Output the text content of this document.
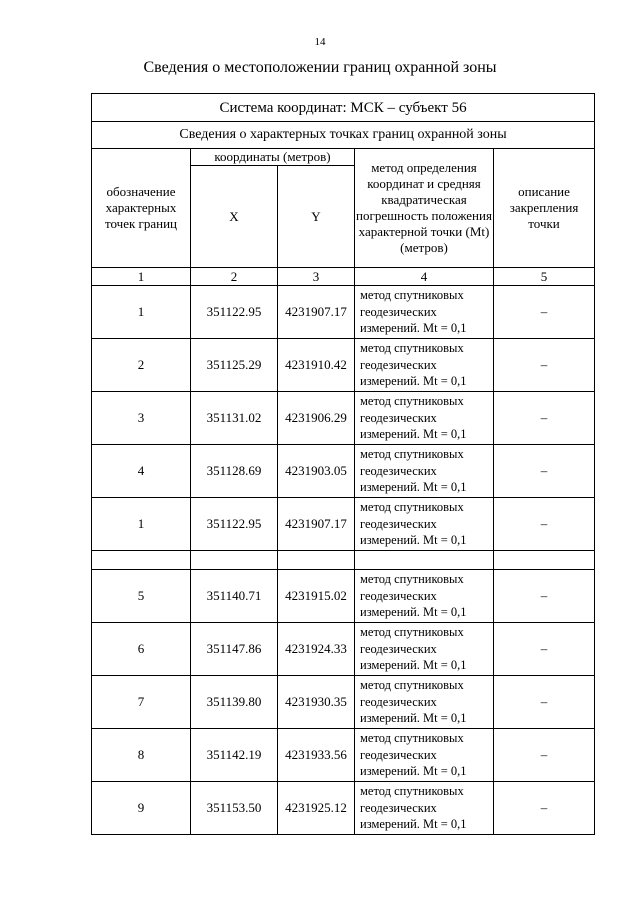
14
Сведения о местоположении границ охранной зоны
Система координат: МСК – субъект 56				
Сведения о характерных точках границ охранной зоны				
обозначение характерных точек границ	координаты (метров)		метод определения координат и средняя квадратическая погрешность положения характерной точки (Mt) (метров)	описание закрепления точки
	X	Y		
1	2	3	4	5
1	351122.95	4231907.17	метод спутниковых геодезических измерений. Mt = 0,1	–
2	351125.29	4231910.42	метод спутниковых геодезических измерений. Mt = 0,1	–
3	351131.02	4231906.29	метод спутниковых геодезических измерений. Mt = 0,1	–
4	351128.69	4231903.05	метод спутниковых геодезических измерений. Mt = 0,1	–
1	351122.95	4231907.17	метод спутниковых геодезических измерений. Mt = 0,1	–

5	351140.71	4231915.02	метод спутниковых геодезических измерений. Mt = 0,1	–
6	351147.86	4231924.33	метод спутниковых геодезических измерений. Mt = 0,1	–
7	351139.80	4231930.35	метод спутниковых геодезических измерений. Mt = 0,1	–
8	351142.19	4231933.56	метод спутниковых геодезических измерений. Mt = 0,1	–
9	351153.50	4231925.12	метод спутниковых геодезических измерений. Mt = 0,1	–
